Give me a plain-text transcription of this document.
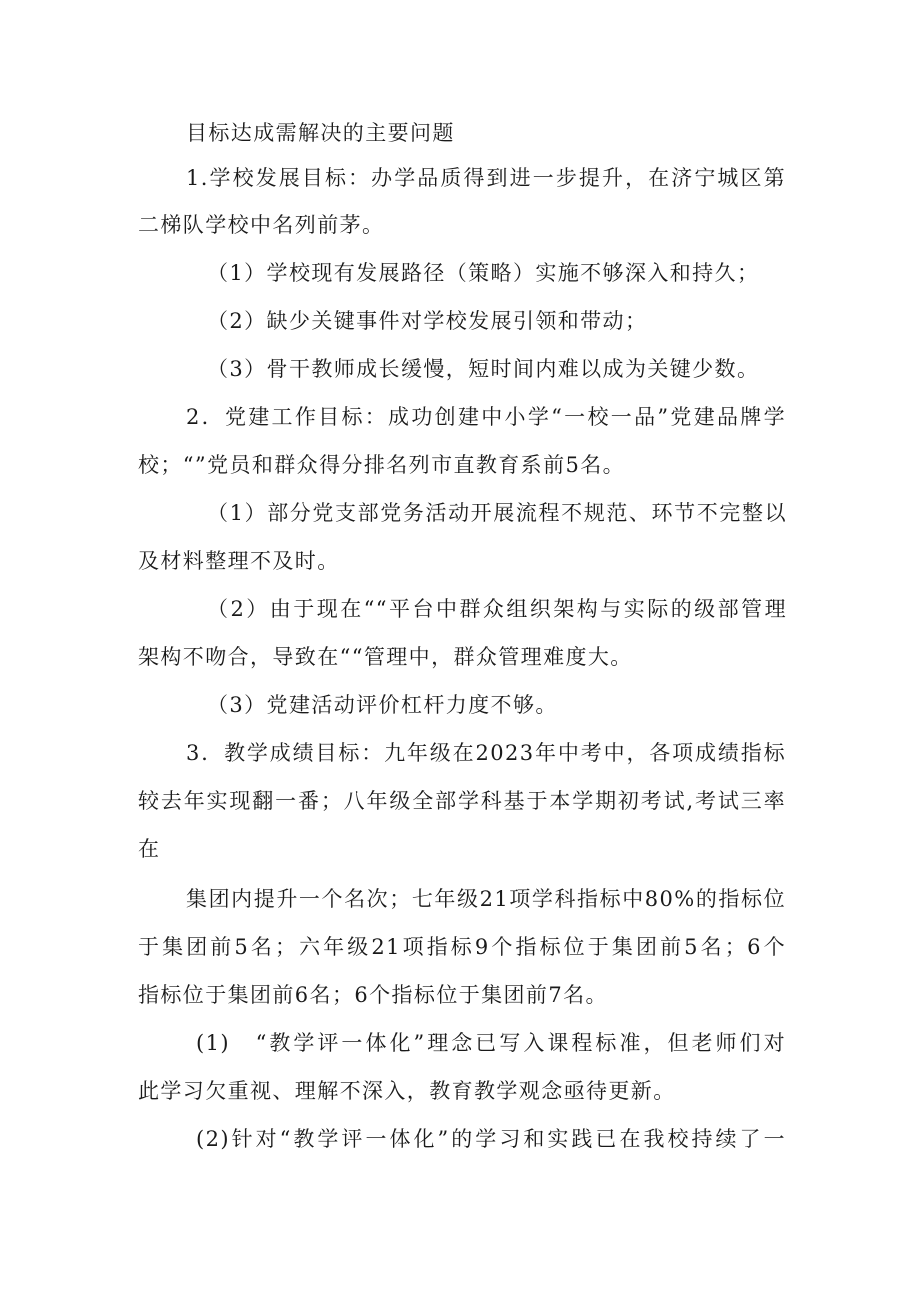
目标达成需解决的主要问题
1.学校发展目标：办学品质得到进一步提升，在济宁城区第
二梯队学校中名列前茅。
（1）学校现有发展路径（策略）实施不够深入和持久；
（2）缺少关键事件对学校发展引领和带动；
（3）骨干教师成长缓慢，短时间内难以成为关键少数。
2．党建工作目标：成功创建中小学“一校一品”党建品牌学
校；“”党员和群众得分排名列市直教育系前5名。
（1）部分党支部党务活动开展流程不规范、环节不完整以
及材料整理不及时。
（2）由于现在““平台中群众组织架构与实际的级部管理
架构不吻合，导致在““管理中，群众管理难度大。
（3）党建活动评价杠杆力度不够。
3．教学成绩目标：九年级在2023年中考中，各项成绩指标
较去年实现翻一番；八年级全部学科基于本学期初考试,考试三率
在
集团内提升一个名次；七年级21项学科指标中80%的指标位
于集团前5名；六年级21项指标9个指标位于集团前5名；6个
指标位于集团前6名；6个指标位于集团前7名。
(1)　“教学评一体化”理念已写入课程标准，但老师们对
此学习欠重视、理解不深入，教育教学观念亟待更新。
(2)针对“教学评一体化”的学习和实践已在我校持续了一
